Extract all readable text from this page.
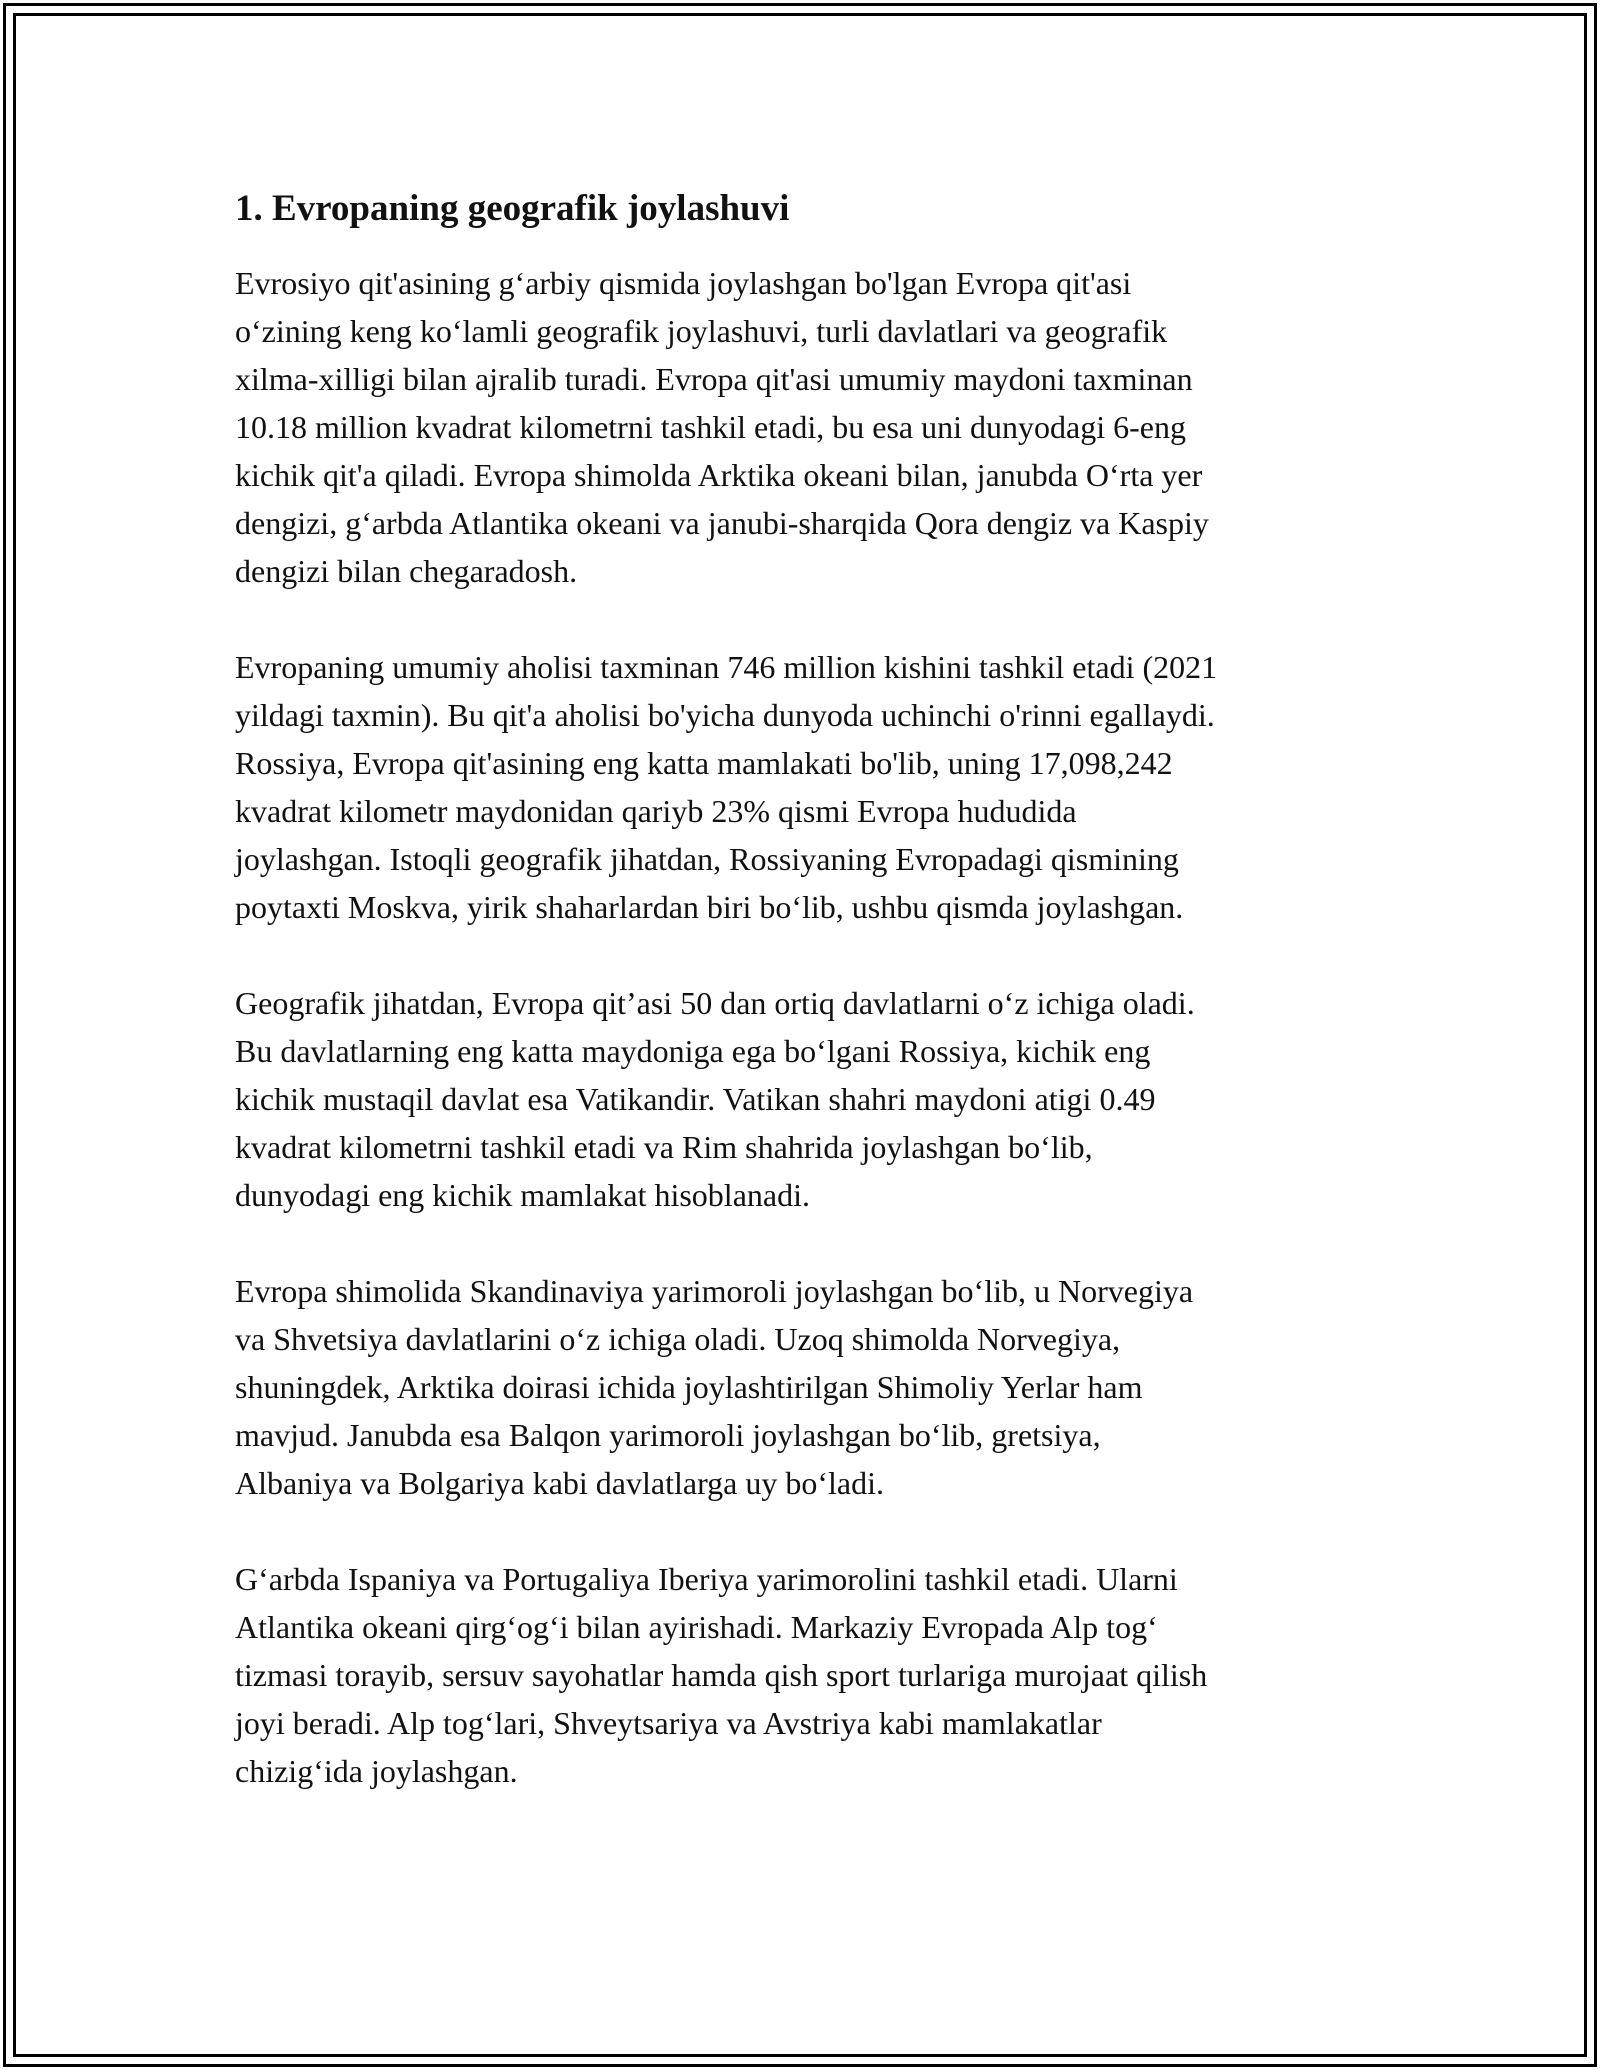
1. Evropaning geografik joylashuvi

Evrosiyo qit'asining g‘arbiy qismida joylashgan bo'lgan Evropa qit'asi
o‘zining keng ko‘lamli geografik joylashuvi, turli davlatlari va geografik
xilma-xilligi bilan ajralib turadi. Evropa qit'asi umumiy maydoni taxminan
10.18 million kvadrat kilometrni tashkil etadi, bu esa uni dunyodagi 6-eng
kichik qit'a qiladi. Evropa shimolda Arktika okeani bilan, janubda O‘rta yer
dengizi, g‘arbda Atlantika okeani va janubi-sharqida Qora dengiz va Kaspiy
dengizi bilan chegaradosh.

Evropaning umumiy aholisi taxminan 746 million kishini tashkil etadi (2021
yildagi taxmin). Bu qit'a aholisi bo'yicha dunyoda uchinchi o'rinni egallaydi.
Rossiya, Evropa qit'asining eng katta mamlakati bo'lib, uning 17,098,242
kvadrat kilometr maydonidan qariyb 23% qismi Evropa hududida
joylashgan. Istoqli geografik jihatdan, Rossiyaning Evropadagi qismining
poytaxti Moskva, yirik shaharlardan biri bo‘lib, ushbu qismda joylashgan.

Geografik jihatdan, Evropa qit’asi 50 dan ortiq davlatlarni o‘z ichiga oladi.
Bu davlatlarning eng katta maydoniga ega bo‘lgani Rossiya, kichik eng
kichik mustaqil davlat esa Vatikandir. Vatikan shahri maydoni atigi 0.49
kvadrat kilometrni tashkil etadi va Rim shahrida joylashgan bo‘lib,
dunyodagi eng kichik mamlakat hisoblanadi.

Evropa shimolida Skandinaviya yarimoroli joylashgan bo‘lib, u Norvegiya
va Shvetsiya davlatlarini o‘z ichiga oladi. Uzoq shimolda Norvegiya,
shuningdek, Arktika doirasi ichida joylashtirilgan Shimoliy Yerlar ham
mavjud. Janubda esa Balqon yarimoroli joylashgan bo‘lib, gretsiya,
Albaniya va Bolgariya kabi davlatlarga uy bo‘ladi.

G‘arbda Ispaniya va Portugaliya Iberiya yarimorolini tashkil etadi. Ularni
Atlantika okeani qirg‘og‘i bilan ayirishadi. Markaziy Evropada Alp tog‘
tizmasi torayib, sersuv sayohatlar hamda qish sport turlariga murojaat qilish
joyi beradi. Alp tog‘lari, Shveytsariya va Avstriya kabi mamlakatlar
chizig‘ida joylashgan.
